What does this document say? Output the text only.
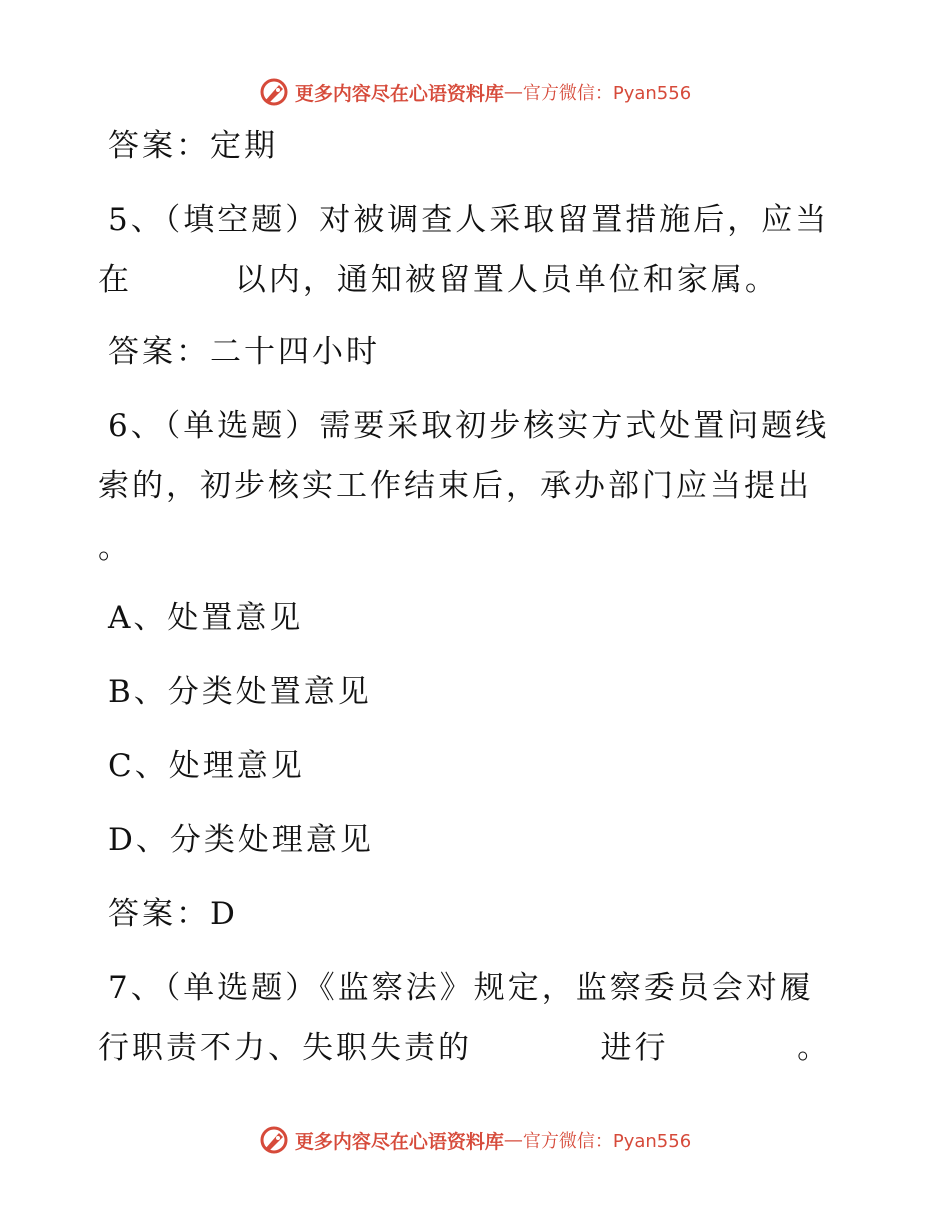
更多内容尽在心语资料库 — 官方微信：Pyan556
答案：定期
5、（填空题）对被调查人采取留置措施后，应当
在        以内，通知被留置人员单位和家属。
答案：二十四小时
6、（单选题）需要采取初步核实方式处置问题线
索的，初步核实工作结束后，承办部门应当提出
。
A、处置意见
B、分类处置意见
C、处理意见
D、分类处理意见
答案：D
7、（单选题）《监察法》规定，监察委员会对履
行职责不力、失职失责的          进行          。
更多内容尽在心语资料库 — 官方微信：Pyan556
